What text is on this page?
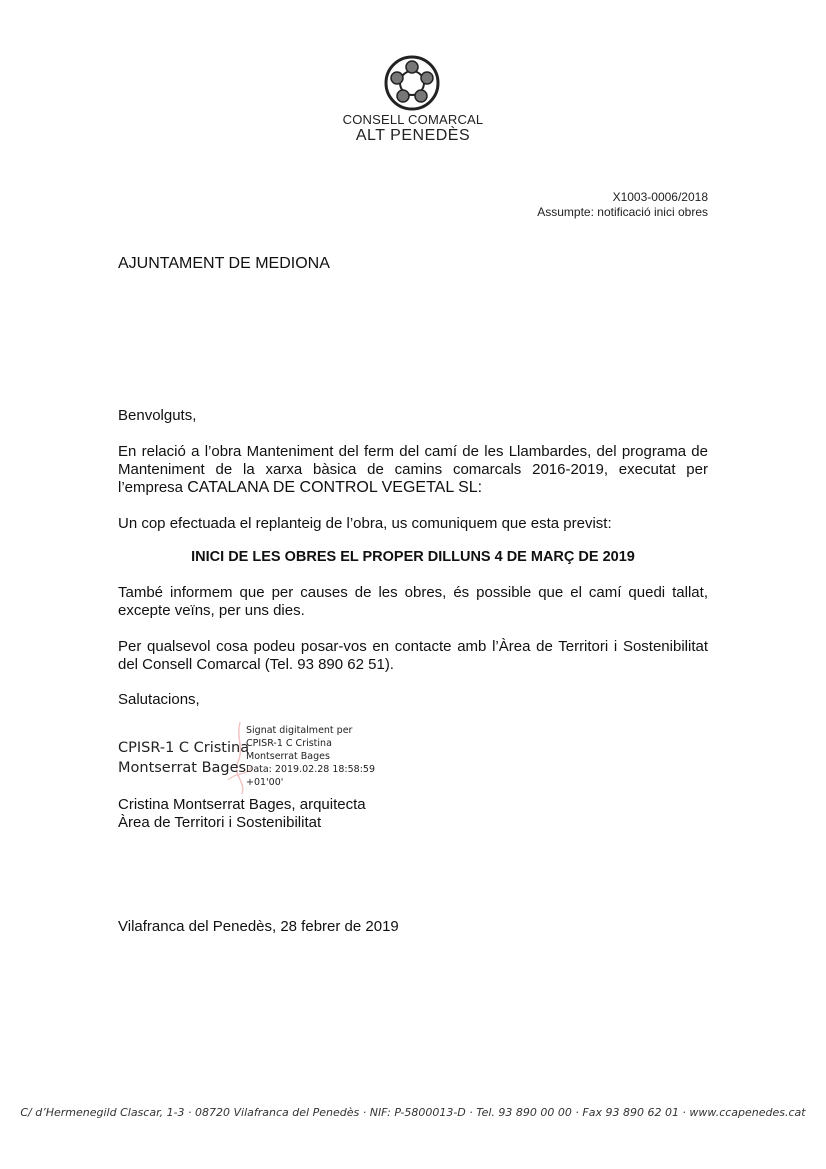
CONSELL COMARCAL
ALT PENEDÈS
X1003-0006/2018
Assumpte: notificació inici obres
AJUNTAMENT DE MEDIONA
Benvolguts,
En relació a l’obra Manteniment del ferm del camí de les Llambardes, del programa de Manteniment de la xarxa bàsica de camins comarcals 2016-2019, executat per l’empresa CATALANA DE CONTROL VEGETAL SL:
Un cop efectuada el replanteig de l’obra, us comuniquem que esta previst:
INICI DE LES OBRES EL PROPER DILLUNS 4 DE MARÇ DE 2019
També informem que per causes de les obres, és possible que el camí quedi tallat, excepte veïns, per uns dies.
Per qualsevol cosa podeu posar-vos en contacte amb l’Àrea de Territori i Sostenibilitat del Consell Comarcal (Tel. 93 890 62 51).
Salutacions,
CPISR-1 C Cristina
Montserrat Bages
Signat digitalment per
CPISR-1 C Cristina
Montserrat Bages
Data: 2019.02.28 18:58:59
+01'00'
Cristina Montserrat Bages, arquitecta
Àrea de Territori i Sostenibilitat
Vilafranca del Penedès, 28 febrer de 2019
C/ d’Hermenegild Clascar, 1-3 · 08720 Vilafranca del Penedès · NIF: P-5800013-D · Tel. 93 890 00 00 · Fax 93 890 62 01 · www.ccapenedes.cat
